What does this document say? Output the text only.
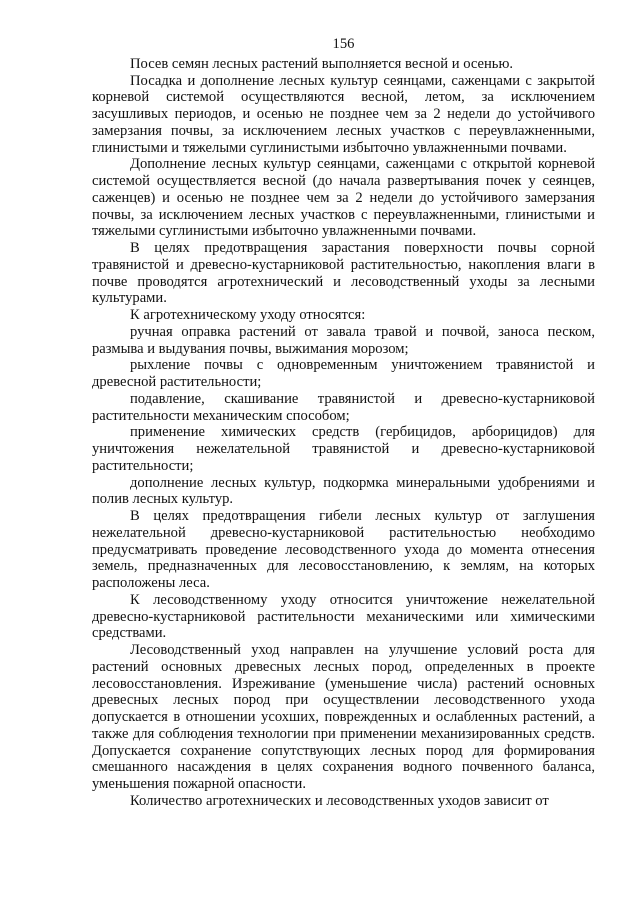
156

Посев семян лесных растений выполняется весной и осенью.

Посадка и дополнение лесных культур сеянцами, саженцами с закрытой корневой системой осуществляются весной, летом, за исключением засушливых периодов, и осенью не позднее чем за 2 недели до устойчивого замерзания почвы, за исключением лесных участков с переувлажненными, глинистыми и тяжелыми суглинистыми избыточно увлажненными почвами.

Дополнение лесных культур сеянцами, саженцами с открытой корневой системой осуществляется весной (до начала развертывания почек у сеянцев, саженцев) и осенью не позднее чем за 2 недели до устойчивого замерзания почвы, за исключением лесных участков с переувлажненными, глинистыми и тяжелыми суглинистыми избыточно увлажненными почвами.

В целях предотвращения зарастания поверхности почвы сорной травянистой и древесно-кустарниковой растительностью, накопления влаги в почве проводятся агротехнический и лесоводственный уходы за лесными культурами.

К агротехническому уходу относятся:

ручная оправка растений от завала травой и почвой, заноса песком, размыва и выдувания почвы, выжимания морозом;

рыхление почвы с одновременным уничтожением травянистой и древесной растительности;

подавление, скашивание травянистой и древесно-кустарниковой растительности механическим способом;

применение химических средств (гербицидов, арборицидов) для уничтожения нежелательной травянистой и древесно-кустарниковой растительности;

дополнение лесных культур, подкормка минеральными удобрениями и полив лесных культур.

В целях предотвращения гибели лесных культур от заглушения нежелательной древесно-кустарниковой растительностью необходимо предусматривать проведение лесоводственного ухода до момента отнесения земель, предназначенных для лесовосстановлению, к землям, на которых расположены леса.

К лесоводственному уходу относится уничтожение нежелательной древесно-кустарниковой растительности механическими или химическими средствами.

Лесоводственный уход направлен на улучшение условий роста для растений основных древесных лесных пород, определенных в проекте лесовосстановления. Изреживание (уменьшение числа) растений основных древесных лесных пород при осуществлении лесоводственного ухода допускается в отношении усохших, поврежденных и ослабленных растений, а также для соблюдения технологии при применении механизированных средств. Допускается сохранение сопутствующих лесных пород для формирования смешанного насаждения в целях сохранения водного почвенного баланса, уменьшения пожарной опасности.

Количество агротехнических и лесоводственных уходов зависит от
